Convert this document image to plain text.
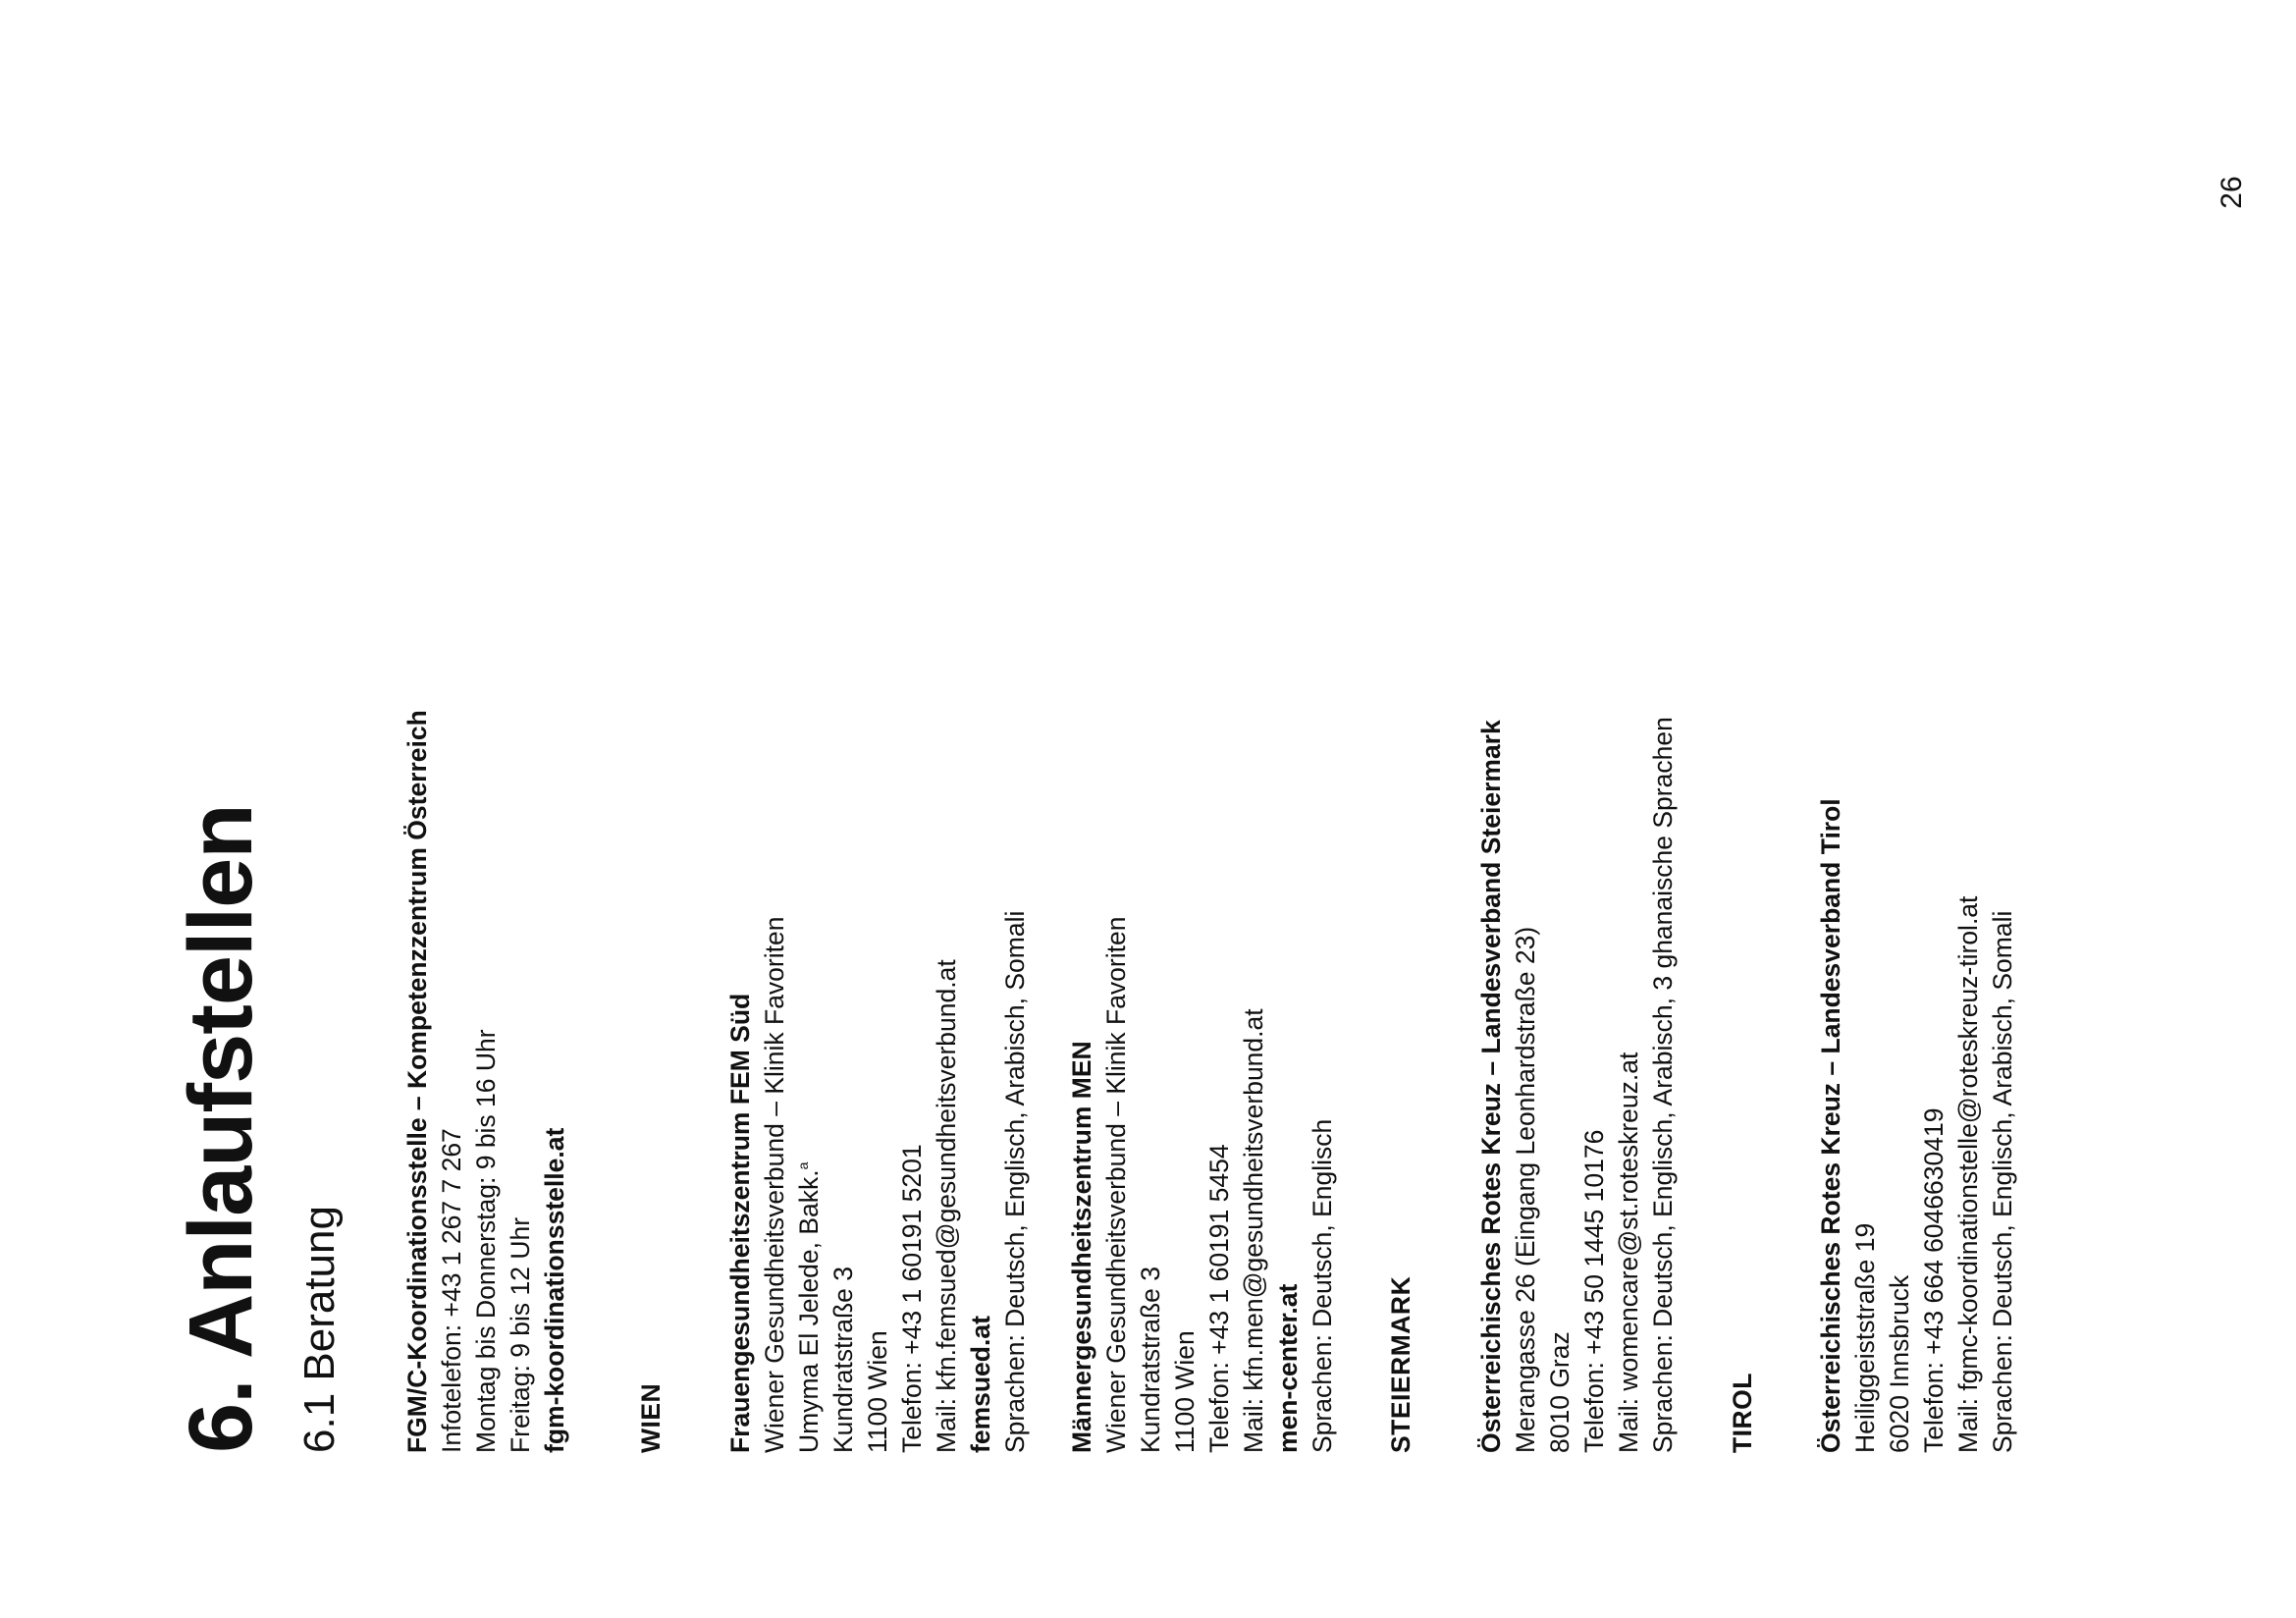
26
6. Anlaufstellen 6.1 Beratung FGM/C-Koordinationsstelle – Kompetenzzentrum Österreich Infotelefon: +43 1 267 7 267 Montag bis Donnerstag: 9 bis 16 Uhr Freitag: 9 bis 12 Uhr fgm-koordinationsstelle.at	WIEN Frauengesundheitszentrum FEM Süd Wiener Gesundheitsverbund – Klinik Favoriten Umyma El Jelede, Bakk.$^a$
Kundratstraße 3 1100 Wien Telefon: +43 1 60191 5201 Mail: kfn.femsued@gesundheitsverbund.at femsued.at Sprachen: Deutsch, Englisch, Arabisch, Somali Männergesundheitszentrum MEN Wiener Gesundheitsverbund – Klinik Favoriten Kundratstraße 3 1100 Wien Telefon: +43 1 60191 5454 Mail: kfn.men@gesundheitsverbund.at men-center.at Sprachen: Deutsch, Englisch STEIERMARK Österreichisches Rotes Kreuz – Landesverband Steiermark Merangasse 26 (Eingang Leonhardstraße 23) 8010 Graz Telefon: +43 50 1445 10176 Mail: womencare@st.roteskreuz.at Sprachen: Deutsch, Englisch, Arabisch, 3 ghanaische Sprachen TIROL Österreichisches Rotes Kreuz – Landesverband Tirol Heiliggeiststraße 19 6020 Innsbruck Telefon: +43 664 6046630419 Mail: fgmc-koordinationstelle@roteskreuz-tirol.at Sprachen: Deutsch, Englisch, Arabisch, Somali
